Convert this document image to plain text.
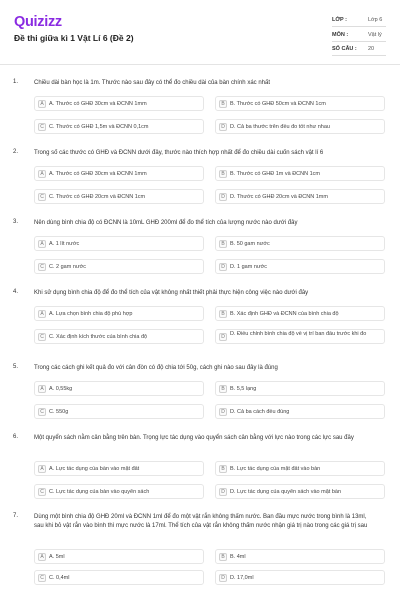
Quizizz
Đề thi giữa kì 1 Vật Lí 6 (Đề 2)
LỚP :	Lớp 6
MÔN :	Vật lý
SỐ CÂU : 20
1.	Chiều dài bàn học là 1m. Thước nào sau đây có thể đo chiều dài của bàn chính xác nhất
A A. Thước có GHĐ 30cm và ĐCNN 1mm	B B. Thước có GHĐ 50cm và ĐCNN 1cm
C C. Thước có GHĐ 1,5m và ĐCNN 0,1cm	D D. Cả ba thước trên đều đo tốt như nhau
2.	Trong số các thước có GHĐ và ĐCNN dưới đây, thước nào thích hợp nhất để đo chiều dài cuốn sách vật lí 6
A A. Thước có GHĐ 30cm và ĐCNN 1mm	B B. Thước có GHĐ 1m và ĐCNN 1cm
C C. Thước có GHĐ 20cm và ĐCNN 1cm	D D. Thước có GHĐ 20cm và ĐCNN 1mm
3.	Nên dùng bình chia độ có ĐCNN là 10mL GHĐ 200ml để đo thể tích của lượng nước nào dưới đây
A A. 1 lít nước	B B. 50 gam nước
C C. 2 gam nước	D D. 1 gam nước
4.	Khi sử dụng bình chia độ để đo thể tích của vật không nhất thiết phải thực hiện công việc nào dưới đây
A A. Lựa chọn bình chia độ phù hợp	B B. Xác định GHĐ và ĐCNN của bình chia độ
C C. Xác định kích thước của bình chia độ	D D. Điều chỉnh bình chia độ về vị trí ban đầu trước khi đo
5.	Trong các cách ghi kết quả đo với cân đòn có độ chia tới 50g, cách ghi nào sau đây là đúng
A A. 0,55kg	B B. 5,5 lạng
C C. 550g	D D. Cả ba cách đều đúng
6.	Một quyển sách nằm cân bằng trên bàn. Trọng lực tác dụng vào quyển sách cân bằng với lực nào trong các lực sau đây
A A. Lực tác dụng của bàn vào mặt đất	B B. Lực tác dụng của mặt đất vào bàn
C C. Lực tác dụng của bàn vào quyển sách	D D. Lực tác dụng của quyển sách vào mặt bàn
7.	Dùng một bình chia độ GHĐ 20ml và ĐCNN 1ml để đo một vật rắn không thấm nước. Ban đầu mực nước trong bình là 13ml, sau khi bỏ vật rắn vào bình thì mực nước là 17ml. Thể tích của vật rắn không thấm nước nhận giá trị nào trong các giá trị sau
A A. 5ml	B B. 4ml
C C. 0,4ml	D D. 17,0ml
